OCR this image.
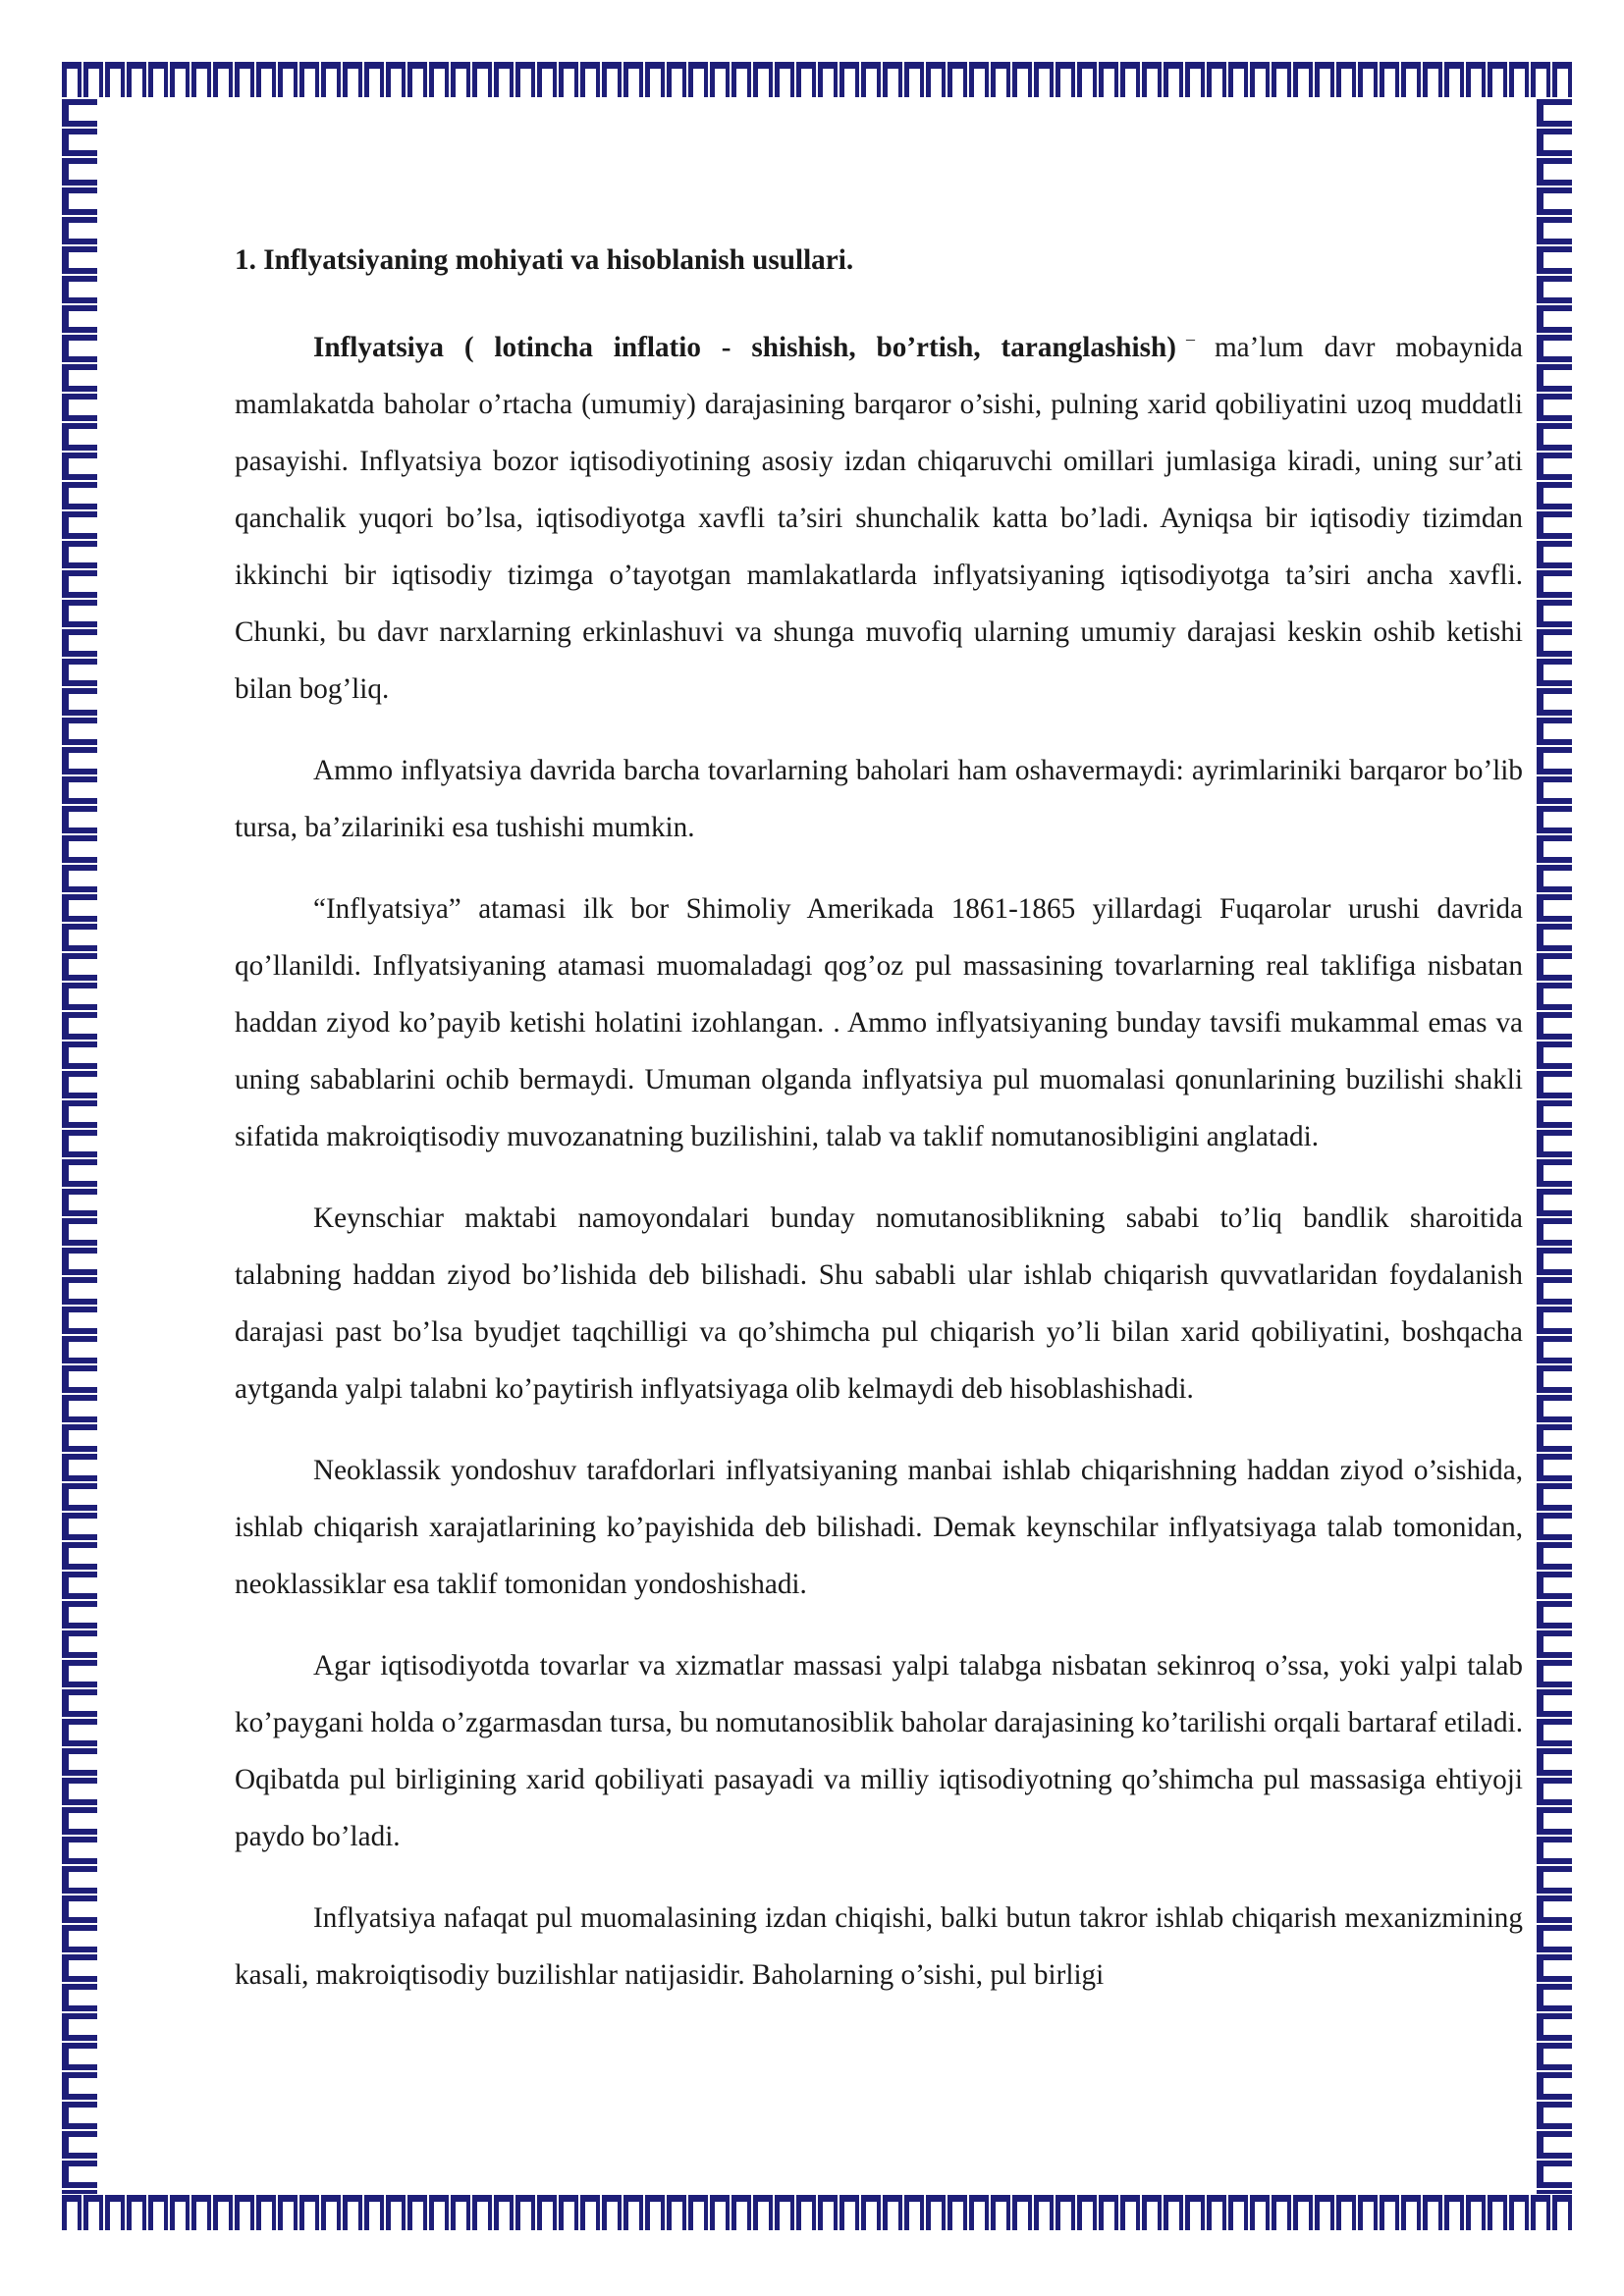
1. Inflyatsiyaning mohiyati va hisoblanish usullari.

Inflyatsiya ( lotincha inflatio - shishish, bo’rtish, taranglashish) – ma’lum davr mobaynida mamlakatda baholar o’rtacha (umumiy) darajasining barqaror o’sishi, pulning xarid qobiliyatini uzoq muddatli pasayishi. Inflyatsiya bozor iqtisodiyotining asosiy izdan chiqaruvchi omillari jumlasiga kiradi, uning sur’ati qanchalik yuqori bo’lsa, iqtisodiyotga xavfli ta’siri shunchalik katta bo’ladi. Ayniqsa bir iqtisodiy tizimdan ikkinchi bir iqtisodiy tizimga o’tayotgan mamlakatlarda inflyatsiyaning iqtisodiyotga ta’siri ancha xavfli. Chunki, bu davr narxlarning erkinlashuvi va shunga muvofiq ularning umumiy darajasi keskin oshib ketishi bilan bog’liq.

Ammo inflyatsiya davrida barcha tovarlarning baholari ham oshavermaydi: ayrimlariniki barqaror bo’lib tursa, ba’zilariniki esa tushishi mumkin.

“Inflyatsiya” atamasi ilk bor Shimoliy Amerikada 1861-1865 yillardagi Fuqarolar urushi davrida qo’llanildi. Inflyatsiyaning atamasi muomaladagi qog’oz pul massasining tovarlarning real taklifiga nisbatan haddan ziyod ko’payib ketishi holatini izohlangan. . Ammo inflyatsiyaning bunday tavsifi mukammal emas va uning sabablarini ochib bermaydi. Umuman olganda inflyatsiya pul muomalasi qonunlarining buzilishi shakli sifatida makroiqtisodiy muvozanatning buzilishini, talab va taklif nomutanosibligini anglatadi.

Keynschiar maktabi namoyondalari bunday nomutanosiblikning sababi to’liq bandlik sharoitida talabning haddan ziyod bo’lishida deb bilishadi. Shu sababli ular ishlab chiqarish quvvatlaridan foydalanish darajasi past bo’lsa byudjet taqchilligi va qo’shimcha pul chiqarish yo’li bilan xarid qobiliyatini, boshqacha aytganda yalpi talabni ko’paytirish inflyatsiyaga olib kelmaydi deb hisoblashishadi.

Neoklassik yondoshuv tarafdorlari inflyatsiyaning manbai ishlab chiqarishning haddan ziyod o’sishida, ishlab chiqarish xarajatlarining ko’payishida deb bilishadi. Demak keynschilar inflyatsiyaga talab tomonidan, neoklassiklar esa taklif tomonidan yondoshishadi.

Agar iqtisodiyotda tovarlar va xizmatlar massasi yalpi talabga nisbatan sekinroq o’ssa, yoki yalpi talab ko’paygani holda o’zgarmasdan tursa, bu nomutanosiblik baholar darajasining ko’tarilishi orqali bartaraf etiladi. Oqibatda pul birligining xarid qobiliyati pasayadi va milliy iqtisodiyotning qo’shimcha pul massasiga ehtiyoji paydo bo’ladi.

Inflyatsiya nafaqat pul muomalasining izdan chiqishi, balki butun takror ishlab chiqarish mexanizmining kasali, makroiqtisodiy buzilishlar natijasidir. Baholarning o’sishi, pul birligi
